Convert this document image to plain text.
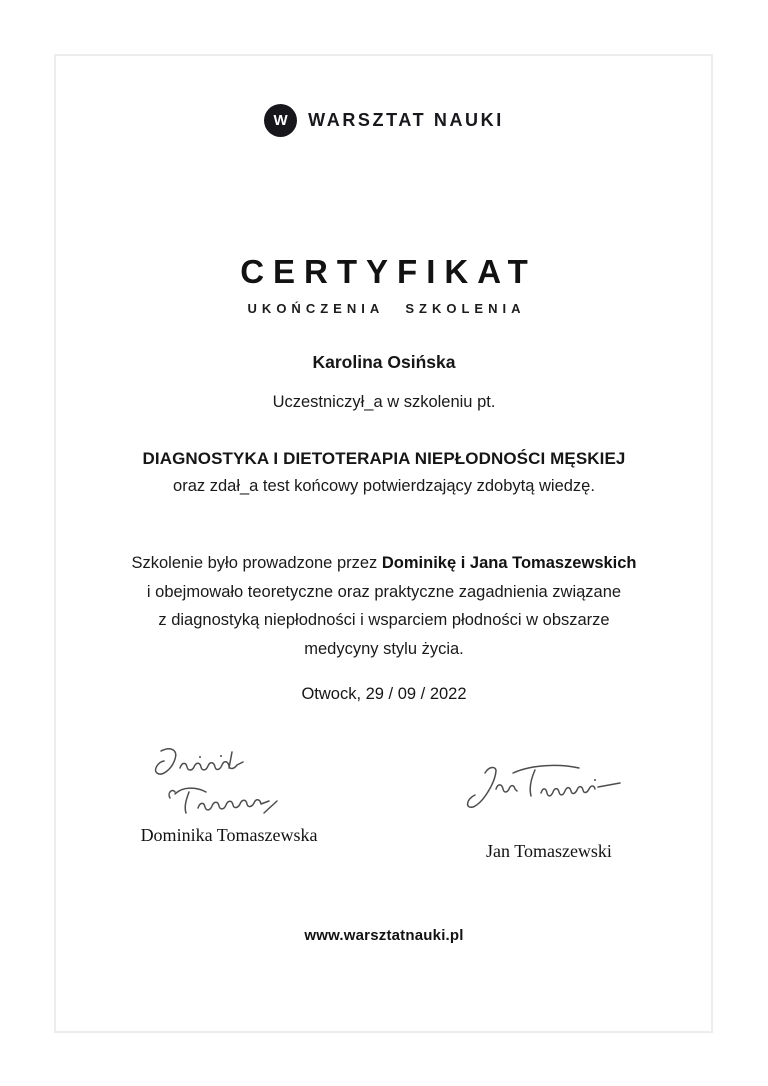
W WARSZTAT NAUKI
CERTYFIKAT
UKOŃCZENIA SZKOLENIA
Karolina Osińska
Uczestniczył_a w szkoleniu pt.
DIAGNOSTYKA I DIETOTERAPIA NIEPŁODNOŚCI MĘSKIEJ
oraz zdał_a test końcowy potwierdzający zdobytą wiedzę.
Szkolenie było prowadzone przez Dominikę i Jana Tomaszewskich
i obejmowało teoretyczne oraz praktyczne zagadnienia związane
z diagnostyką niepłodności i wsparciem płodności w obszarze
medycyny stylu życia.
Otwock, 29 / 09 / 2022
Dominika Tomaszewska
Jan Tomaszewski
www.warsztatnauki.pl
